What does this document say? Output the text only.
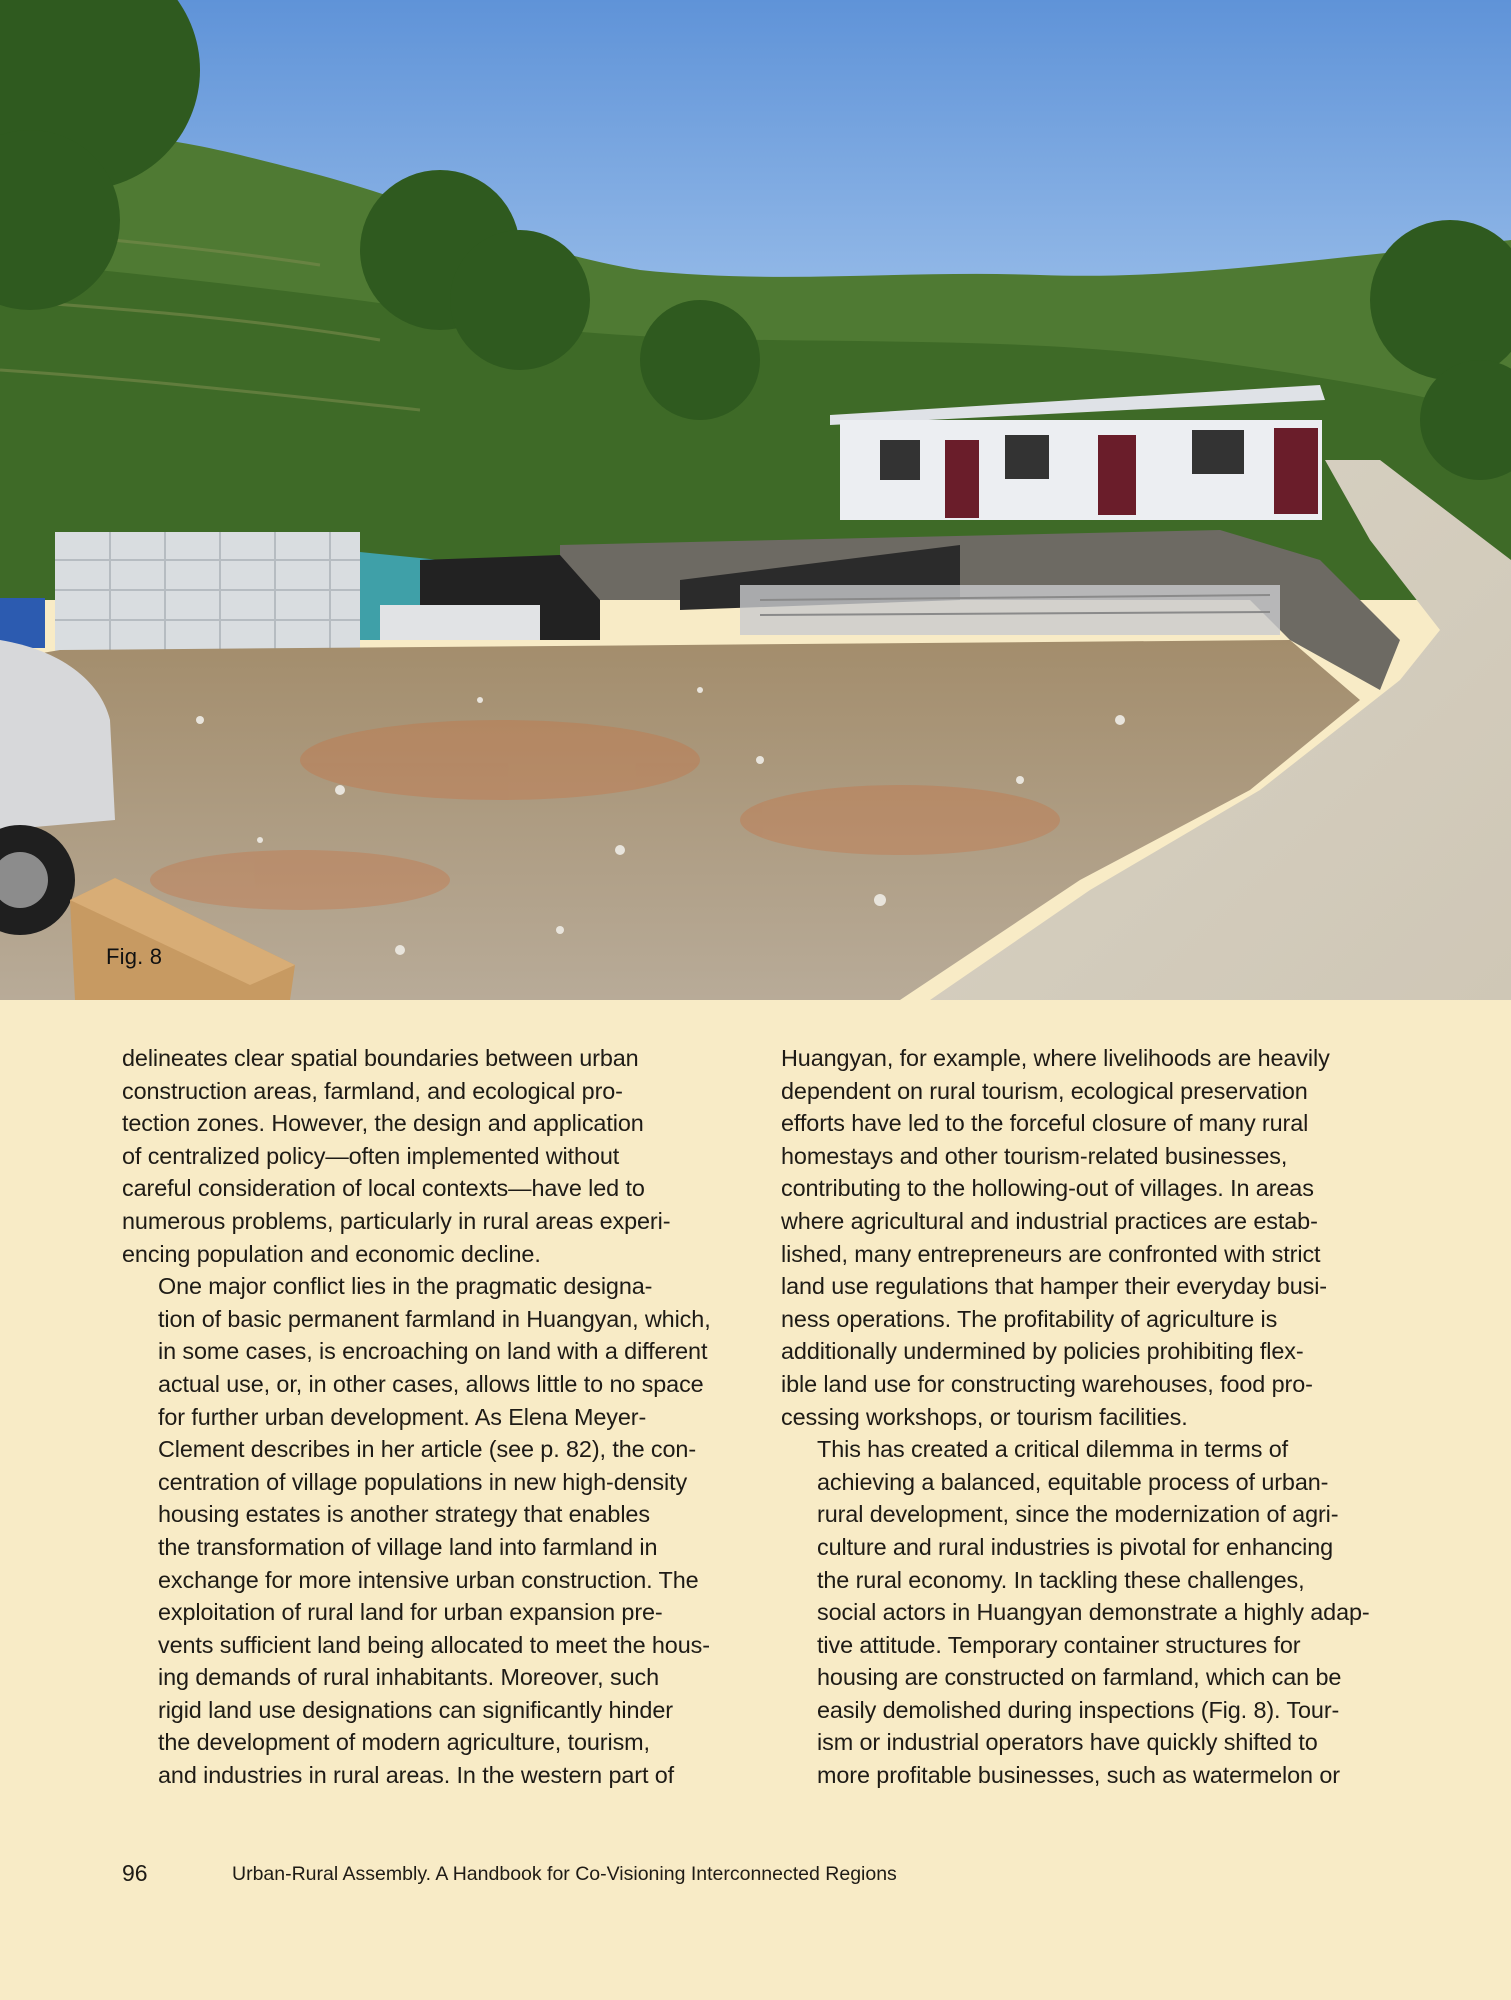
Fig. 8

delineates clear spatial boundaries between urban
construction areas, farmland, and ecological pro-
tection zones. However, the design and application
of centralized policy—often implemented without
careful consideration of local contexts—have led to
numerous problems, particularly in rural areas experi-
encing population and economic decline.

One major conflict lies in the pragmatic designa-
tion of basic permanent farmland in Huangyan, which,
in some cases, is encroaching on land with a different
actual use, or, in other cases, allows little to no space
for further urban development. As Elena Meyer-
Clement describes in her article (see p. 82), the con-
centration of village populations in new high-density
housing estates is another strategy that enables
the transformation of village land into farmland in
exchange for more intensive urban construction. The
exploitation of rural land for urban expansion pre-
vents sufficient land being allocated to meet the hous-
ing demands of rural inhabitants. Moreover, such
rigid land use designations can significantly hinder
the development of modern agriculture, tourism,
and industries in rural areas. In the western part of

Huangyan, for example, where livelihoods are heavily
dependent on rural tourism, ecological preservation
efforts have led to the forceful closure of many rural
homestays and other tourism-related businesses,
contributing to the hollowing-out of villages. In areas
where agricultural and industrial practices are estab-
lished, many entrepreneurs are confronted with strict
land use regulations that hamper their everyday busi-
ness operations. The profitability of agriculture is
additionally undermined by policies prohibiting flex-
ible land use for constructing warehouses, food pro-
cessing workshops, or tourism facilities.

This has created a critical dilemma in terms of
achieving a balanced, equitable process of urban-
rural development, since the modernization of agri-
culture and rural industries is pivotal for enhancing
the rural economy. In tackling these challenges,
social actors in Huangyan demonstrate a highly adap-
tive attitude. Temporary container structures for
housing are constructed on farmland, which can be
easily demolished during inspections (Fig. 8). Tour-
ism or industrial operators have quickly shifted to
more profitable businesses, such as watermelon or

96	Urban-Rural Assembly. A Handbook for Co-Visioning Interconnected Regions
